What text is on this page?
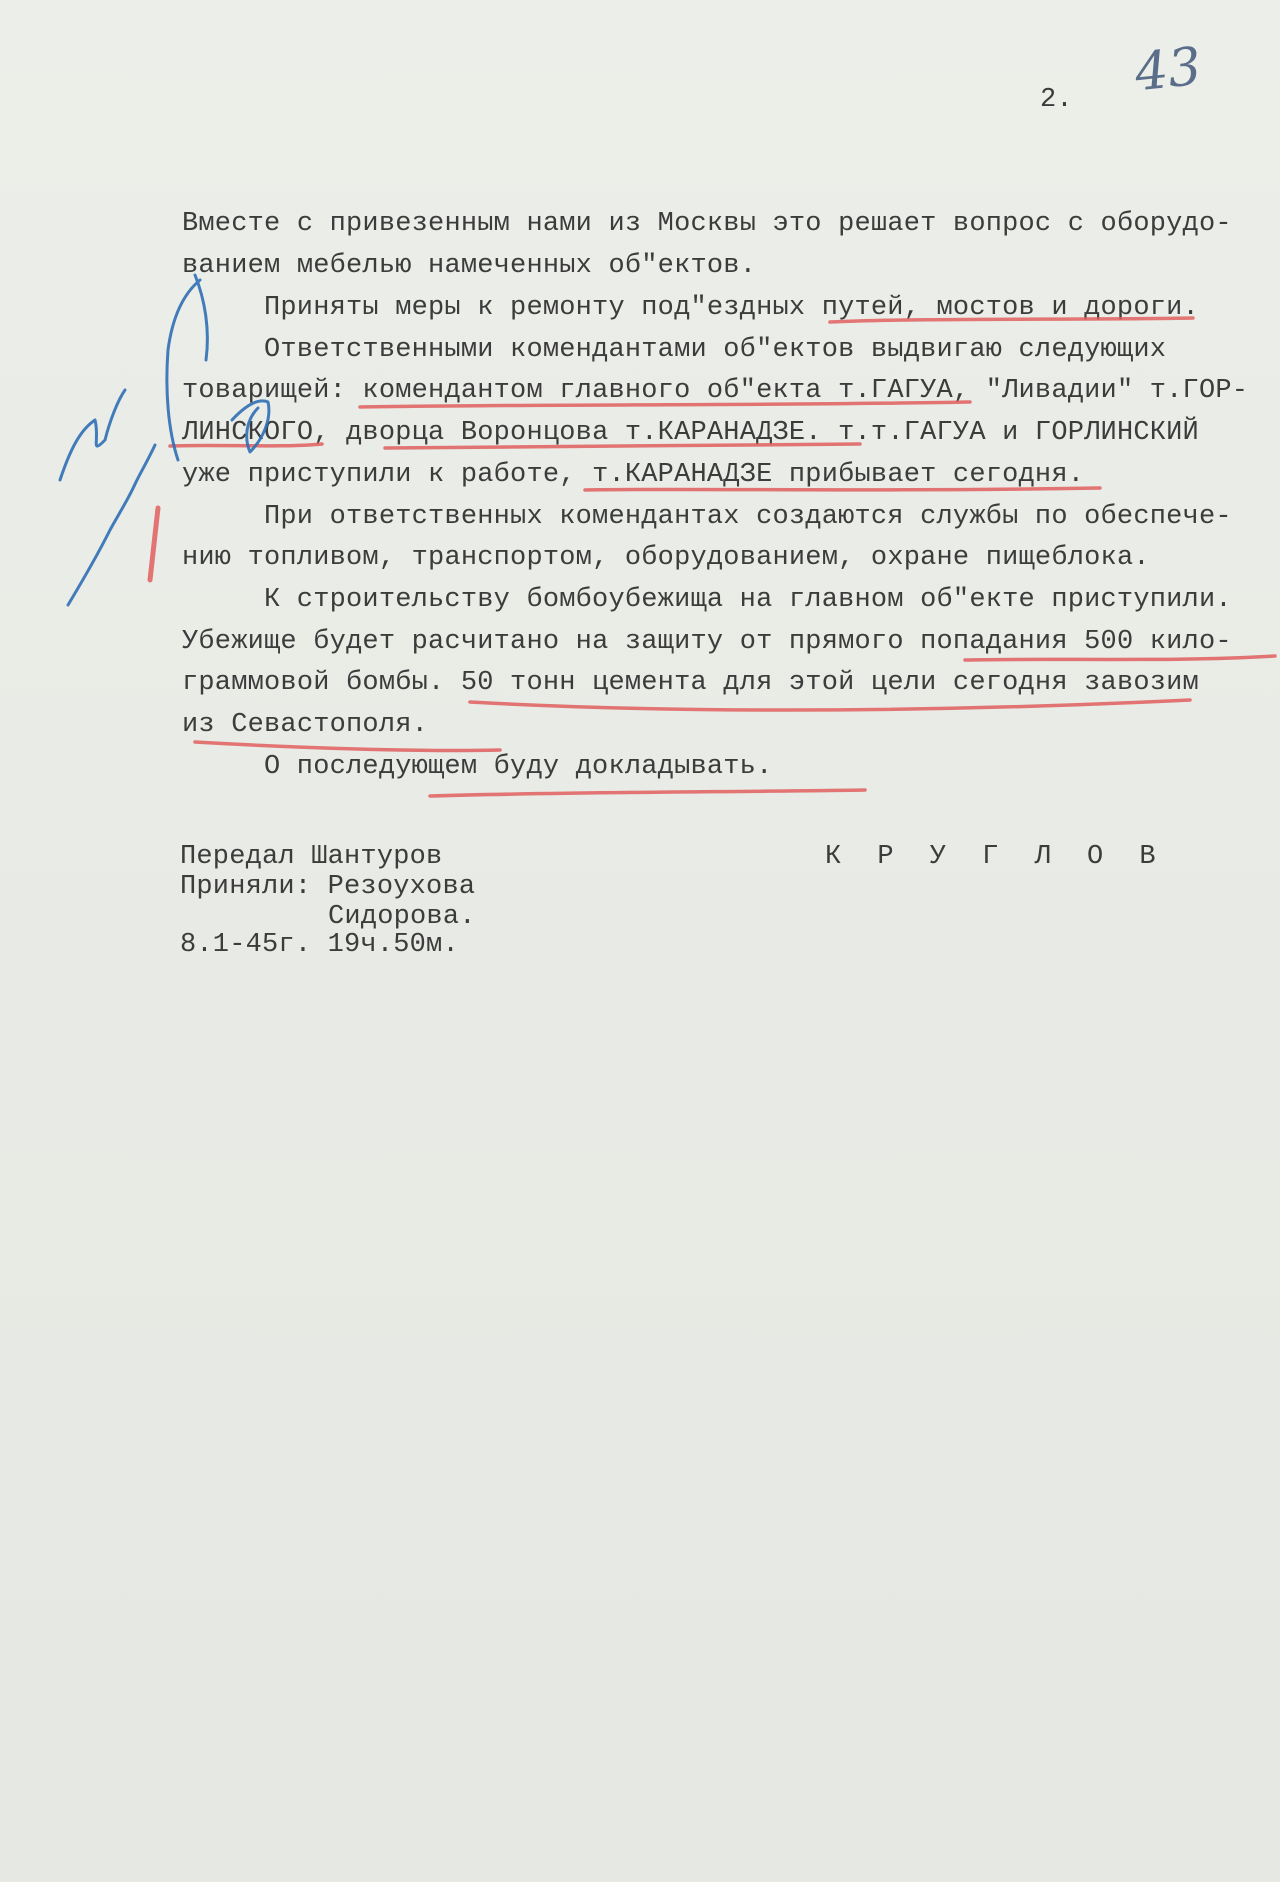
2. 43
Вместе с привезенным нами из Москвы это решает вопрос с оборудо-
ванием мебелью намеченных об"ектов.
Приняты меры к ремонту под"ездных путей, мостов и дороги.
Ответственными комендантами об"ектов выдвигаю следующих
товарищей: комендантом главного об"екта т.ГАГУА, "Ливадии" т.ГОР-
ЛИНСКОГО, дворца Воронцова т.КАРАНАДЗЕ. т.т.ГАГУА и ГОРЛИНСКИЙ
уже приступили к работе, т.КАРАНАДЗЕ прибывает сегодня.
При ответственных комендантах создаются службы по обеспече-
нию топливом, транспортом, оборудованием, охране пищеблока.
К строительству бомбоубежища на главном об"екте приступили.
Убежище будет расчитано на защиту от прямого попадания 500 кило-
граммовой бомбы. 50 тонн цемента для этой цели сегодня завозим
из Севастополя.
О последующем буду докладывать.
Передал Шантуров
Приняли: Резоухова
Сидорова.
8.1-45г. 19ч.50м.
К Р У Г Л О В
